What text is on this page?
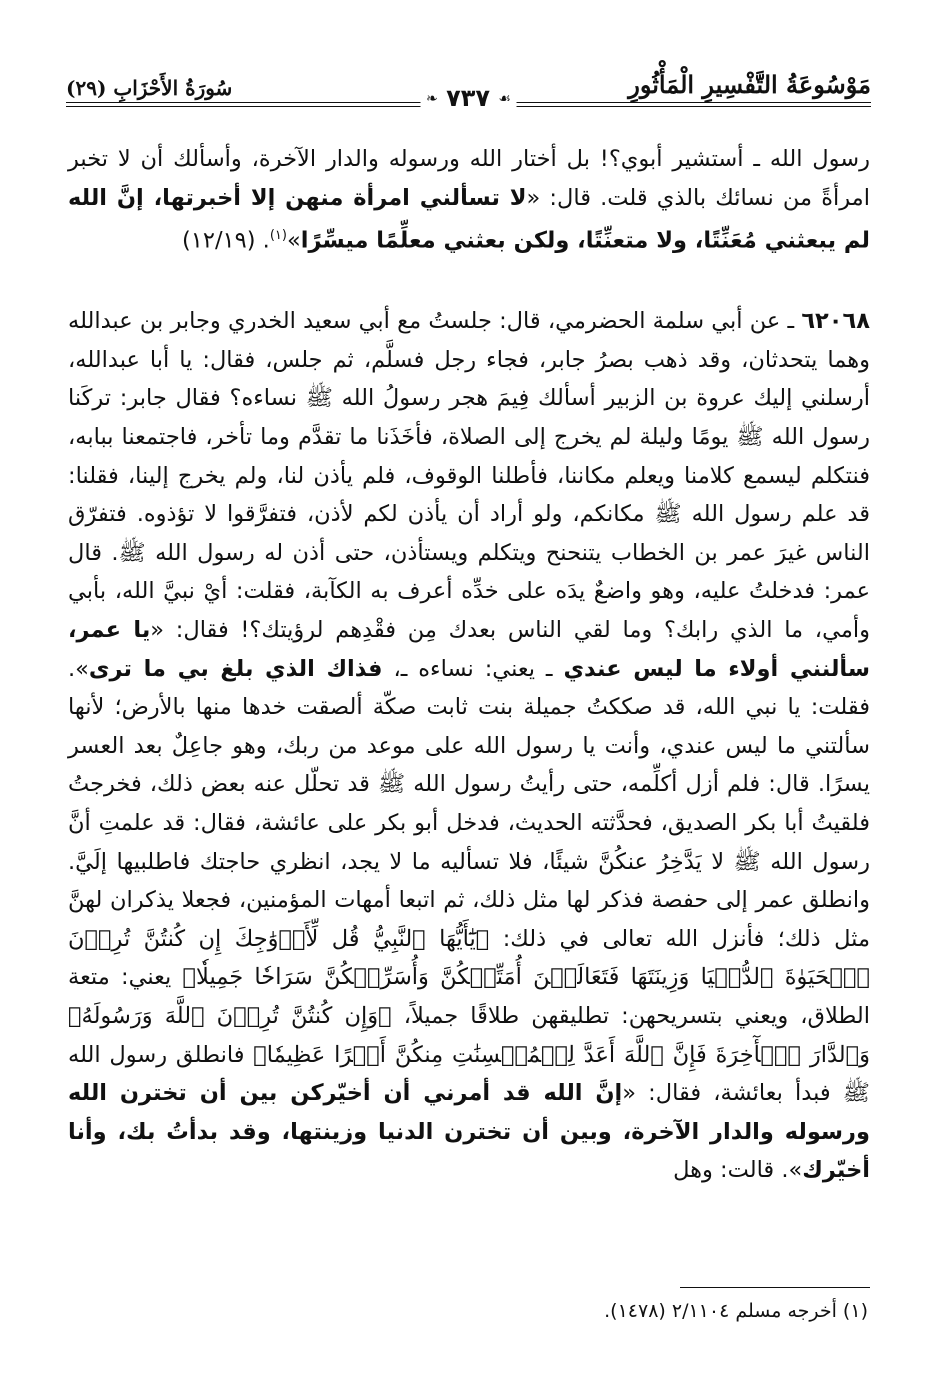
مَوْسُوعَةُ التَّفْسِيرِ الْمَأْثُورِ
❧ ٧٣٧ ☙
سُورَةُ الأَحْزَابِ (٢٩)

رسول الله ـ أستشير أبوي؟! بل أختار الله ورسوله والدار الآخرة، وأسألك أن لا تخبر امرأةً من نسائك بالذي قلت. قال: «لا تسألني امرأة منهن إلا أخبرتها، إنَّ الله لم يبعثني مُعَنِّتًا، ولا متعنِّتًا، ولكن بعثني معلِّمًا ميسِّرًا»$^{(١)}$. (١٢/١٩)

٦٢٠٦٨ ـ عن أبي سلمة الحضرمي، قال: جلستُ مع أبي سعيد الخدري وجابر بن عبدالله وهما يتحدثان، وقد ذهب بصرُ جابر، فجاء رجل فسلَّم، ثم جلس، فقال: يا أبا عبدالله، أرسلني إليك عروة بن الزبير أسألك فِيمَ هجر رسولُ الله ﷺ نساءه؟ فقال جابر: تركَنا رسول الله ﷺ يومًا وليلة لم يخرج إلى الصلاة، فأخَذَنا ما تقدَّم وما تأخر، فاجتمعنا ببابه، فنتكلم ليسمع كلامنا ويعلم مكاننا، فأطلنا الوقوف، فلم يأذن لنا، ولم يخرج إلينا، فقلنا: قد علم رسول الله ﷺ مكانكم، ولو أراد أن يأذن لكم لأذن، فتفرَّقوا لا تؤذوه. فتفرّق الناس غيرَ عمر بن الخطاب يتنحنح ويتكلم ويستأذن، حتى أذن له رسول الله ﷺ. قال عمر: فدخلتُ عليه، وهو واضعٌ يدَه على خدِّه أعرف به الكآبة، فقلت: أيْ نبيَّ الله، بأبي وأمي، ما الذي رابك؟ وما لقي الناس بعدك مِن فقْدِهم لرؤيتك؟! فقال: «يا عمر، سألنني أولاء ما ليس عندي ـ يعني: نساءه ـ، فذاك الذي بلغ بي ما ترى». فقلت: يا نبي الله، قد صككتُ جميلة بنت ثابت صكّة ألصقت خدها منها بالأرض؛ لأنها سألتني ما ليس عندي، وأنت يا رسول الله على موعد من ربك، وهو جاعِلٌ بعد العسر يسرًا. قال: فلم أزل أكلِّمه، حتى رأيتُ رسول الله ﷺ قد تحلّل عنه بعض ذلك، فخرجتُ فلقيتُ أبا بكر الصديق، فحدَّثته الحديث، فدخل أبو بكر على عائشة، فقال: قد علمتِ أنَّ رسول الله ﷺ لا يَدَّخِرُ عنكُنَّ شيئًا، فلا تسأليه ما لا يجد، انظري حاجتك فاطلبيها إلَيَّ. وانطلق عمر إلى حفصة فذكر لها مثل ذلك، ثم اتبعا أمهات المؤمنين، فجعلا يذكران لهنَّ مثل ذلك؛ فأنزل الله تعالى في ذلك: ﴿يَٰٓأَيُّهَا ٱلنَّبِيُّ قُل لِّأَزۡوَٰجِكَ إِن كُنتُنَّ تُرِدۡنَ ٱلۡحَيَوٰةَ ٱلدُّنۡيَا وَزِينَتَهَا فَتَعَالَيۡنَ أُمَتِّعۡكُنَّ وَأُسَرِّحۡكُنَّ سَرَاحٗا جَمِيلٗا﴾ يعني: متعة الطلاق، ويعني بتسريحهن: تطليقهن طلاقًا جميلاً، ﴿وَإِن كُنتُنَّ تُرِدۡنَ ٱللَّهَ وَرَسُولَهُۥ وَٱلدَّارَ ٱلۡأٓخِرَةَ فَإِنَّ ٱللَّهَ أَعَدَّ لِلۡمُحۡسِنَٰتِ مِنكُنَّ أَجۡرًا عَظِيمٗا﴾ فانطلق رسول الله ﷺ فبدأ بعائشة، فقال: «إنَّ الله قد أمرني أن أخيّركن بين أن تخترن الله ورسوله والدار الآخرة، وبين أن تخترن الدنيا وزينتها، وقد بدأتُ بك، وأنا أخيّرك». قالت: وهل

(١) أخرجه مسلم ٢/١١٠٤ (١٤٧٨).
